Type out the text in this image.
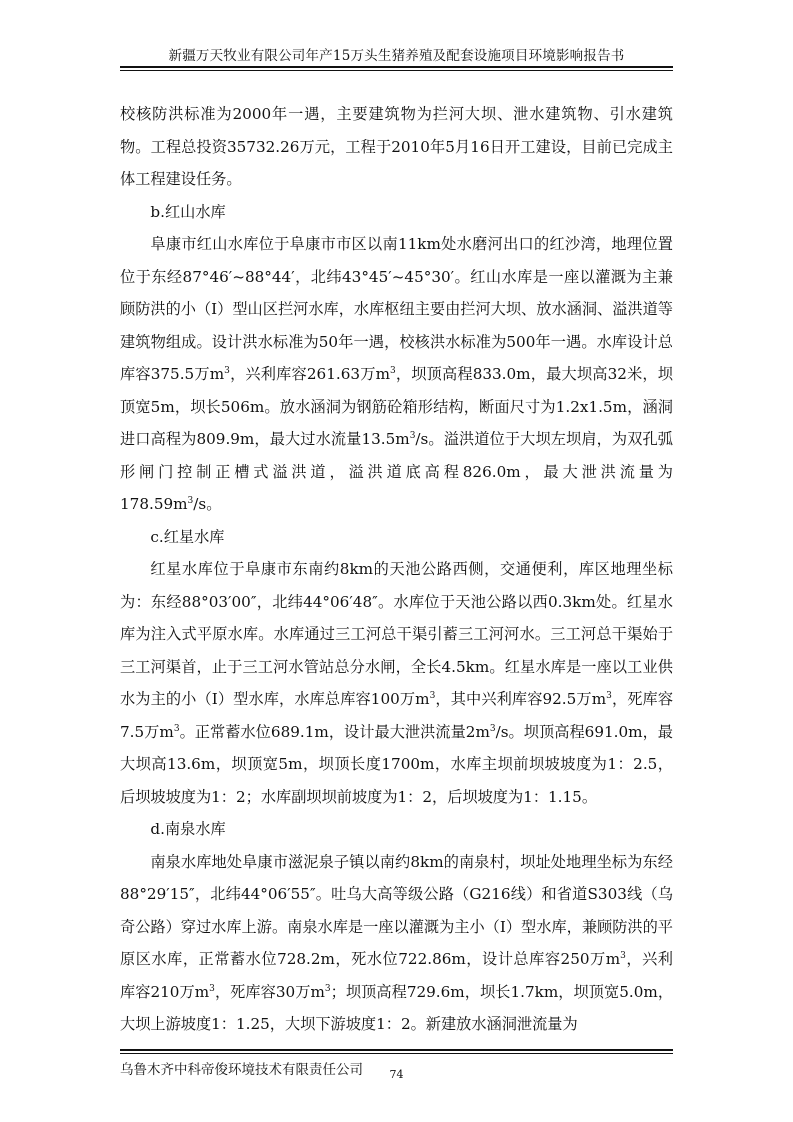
新疆万天牧业有限公司年产15万头生猪养殖及配套设施项目环境影响报告书

校核防洪标准为2000年一遇，主要建筑物为拦河大坝、泄水建筑物、引水建筑物。工程总投资35732.26万元，工程于2010年5月16日开工建设，目前已完成主体工程建设任务。

b.红山水库

阜康市红山水库位于阜康市市区以南11km处水磨河出口的红沙湾，地理位置位于东经87°46′~88°44′，北纬43°45′~45°30′。红山水库是一座以灌溉为主兼顾防洪的小（I）型山区拦河水库，水库枢纽主要由拦河大坝、放水涵洞、溢洪道等建筑物组成。设计洪水标准为50年一遇，校核洪水标准为500年一遇。水库设计总库容375.5万$m^3$，兴利库容261.63万$m^3$，坝顶高程833.0m，最大坝高32米，坝顶宽5m，坝长506m。放水涵洞为钢筋砼箱形结构，断面尺寸为1.2x1.5m，涵洞进口高程为809.9m，最大过水流量$13.5m^3/s$。溢洪道位于大坝左坝肩，为双孔弧形闸门控制正槽式溢洪道，溢洪道底高程826.0m，最大泄洪流量为$178.59m^3/s$。

c.红星水库

红星水库位于阜康市东南约8km的天池公路西侧，交通便利，库区地理坐标为：东经88°03′00″，北纬44°06′48″。水库位于天池公路以西0.3km处。红星水库为注入式平原水库。水库通过三工河总干渠引蓄三工河河水。三工河总干渠始于三工河渠首，止于三工河水管站总分水闸，全长4.5km。红星水库是一座以工业供水为主的小（I）型水库，水库总库容100万$m^3$，其中兴利库容92.5万$m^3$，死库容7.5万$m^3$。正常蓄水位689.1m，设计最大泄洪流量$2m^3/s$。坝顶高程691.0m，最大坝高13.6m，坝顶宽5m，坝顶长度1700m，水库主坝前坝坡坡度为1：2.5，后坝坡坡度为1：2；水库副坝坝前坡度为1：2，后坝坡度为1：1.15。

d.南泉水库

南泉水库地处阜康市滋泥泉子镇以南约8km的南泉村，坝址处地理坐标为东经88°29′15″，北纬44°06′55″。吐乌大高等级公路（G216线）和省道S303线（乌奇公路）穿过水库上游。南泉水库是一座以灌溉为主小（I）型水库，兼顾防洪的平原区水库，正常蓄水位728.2m，死水位722.86m，设计总库容250万$m^3$，兴利库容210万$m^3$，死库容30万$m^3$；坝顶高程729.6m，坝长1.7km，坝顶宽5.0m，大坝上游坡度1：1.25，大坝下游坡度1：2。新建放水涵洞泄流量为

乌鲁木齐中科帝俊环境技术有限责任公司	74
